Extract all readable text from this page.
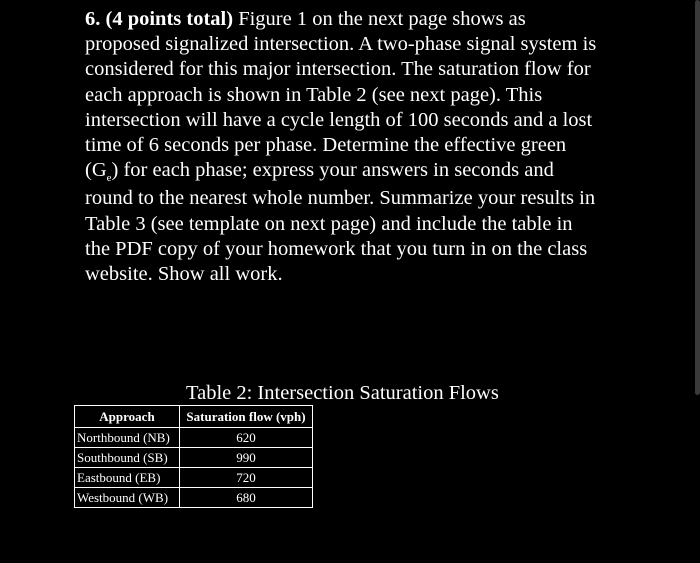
6. (4 points total) Figure 1 on the next page shows as
proposed signalized intersection. A two-phase signal system is
considered for this major intersection. The saturation flow for
each approach is shown in Table 2 (see next page). This
intersection will have a cycle length of 100 seconds and a lost
time of 6 seconds per phase. Determine the effective green
$(G_e)$ for each phase; express your answers in seconds and
round to the nearest whole number. Summarize your results in
Table 3 (see template on next page) and include the table in
the PDF copy of your homework that you turn in on the class
website. Show all work.
Table 2: Intersection Saturation Flows
Approach	Saturation flow (vph)
Northbound (NB)	620
Southbound (SB)	990
Eastbound (EB)	720
Westbound (WB)	680
